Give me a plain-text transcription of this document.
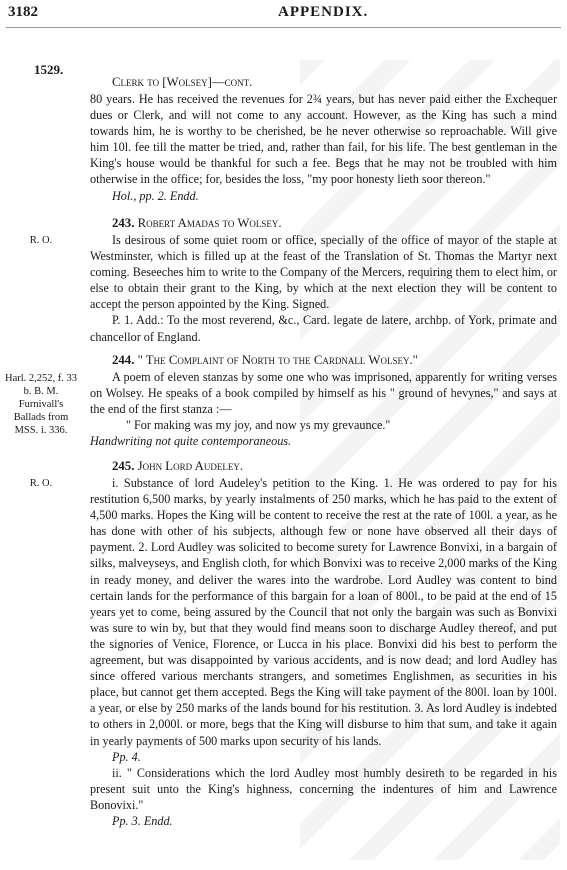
3182	APPENDIX.
1529.

Clerk to [Wolsey]—cont.

80 years. He has received the revenues for 2¾ years, but has never paid either the Exchequer dues or Clerk, and will not come to any account. However, as the King has such a mind towards him, he is worthy to be cherished, be he never otherwise so reproachable. Will give him 10l. fee till the matter be tried, and, rather than fail, for his life. The best gentleman in the King's house would be thankful for such a fee. Begs that he may not be troubled with him otherwise in the office; for, besides the loss, "my poor honesty lieth soor thereon."

Hol., pp. 2. Endd.

R. O.

243. Robert Amadas to Wolsey.

Is desirous of some quiet room or office, specially of the office of mayor of the staple at Westminster, which is filled up at the feast of the Translation of St. Thomas the Martyr next coming. Beseeches him to write to the Company of the Mercers, requiring them to elect him, or else to obtain their grant to the King, by which at the next election they will be content to accept the person appointed by the King. Signed.

P. 1. Add.: To the most reverend, &c., Card. legate de latere, archbp. of York, primate and chancellor of England.

Harl. 2,252, f. 33 b. B. M. Furnivall's Ballads from MSS. i. 336.

244. " The Complaint of North to the Cardnall Wolsey."

A poem of eleven stanzas by some one who was imprisoned, apparently for writing verses on Wolsey. He speaks of a book compiled by himself as his " ground of hevynes," and says at the end of the first stanza :—

" For making was my joy, and now ys my grevaunce."

Handwriting not quite contemporaneous.

R. O.

245. John Lord Audeley.

i. Substance of lord Audeley's petition to the King. 1. He was ordered to pay for his restitution 6,500 marks, by yearly instalments of 250 marks, which he has paid to the extent of 4,500 marks. Hopes the King will be content to receive the rest at the rate of 100l. a year, as he has done with other of his subjects, although few or none have observed all their days of payment. 2. Lord Audley was solicited to become surety for Lawrence Bonvixi, in a bargain of silks, malveyseys, and English cloth, for which Bonvixi was to receive 2,000 marks of the King in ready money, and deliver the wares into the wardrobe. Lord Audley was content to bind certain lands for the performance of this bargain for a loan of 800l., to be paid at the end of 15 years yet to come, being assured by the Council that not only the bargain was such as Bonvixi was sure to win by, but that they would find means soon to discharge Audley thereof, and put the signories of Venice, Florence, or Lucca in his place. Bonvixi did his best to perform the agreement, but was disappointed by various accidents, and is now dead; and lord Audley has since offered various merchants strangers, and sometimes Englishmen, as securities in his place, but cannot get them accepted. Begs the King will take payment of the 800l. loan by 100l. a year, or else by 250 marks of the lands bound for his restitution. 3. As lord Audley is indebted to others in 2,000l. or more, begs that the King will disburse to him that sum, and take it again in yearly payments of 500 marks upon security of his lands.

Pp. 4.

ii. " Considerations which the lord Audley most humbly desireth to be regarded in his present suit unto the King's highness, concerning the indentures of him and Lawrence Bonovixi."

Pp. 3. Endd.
